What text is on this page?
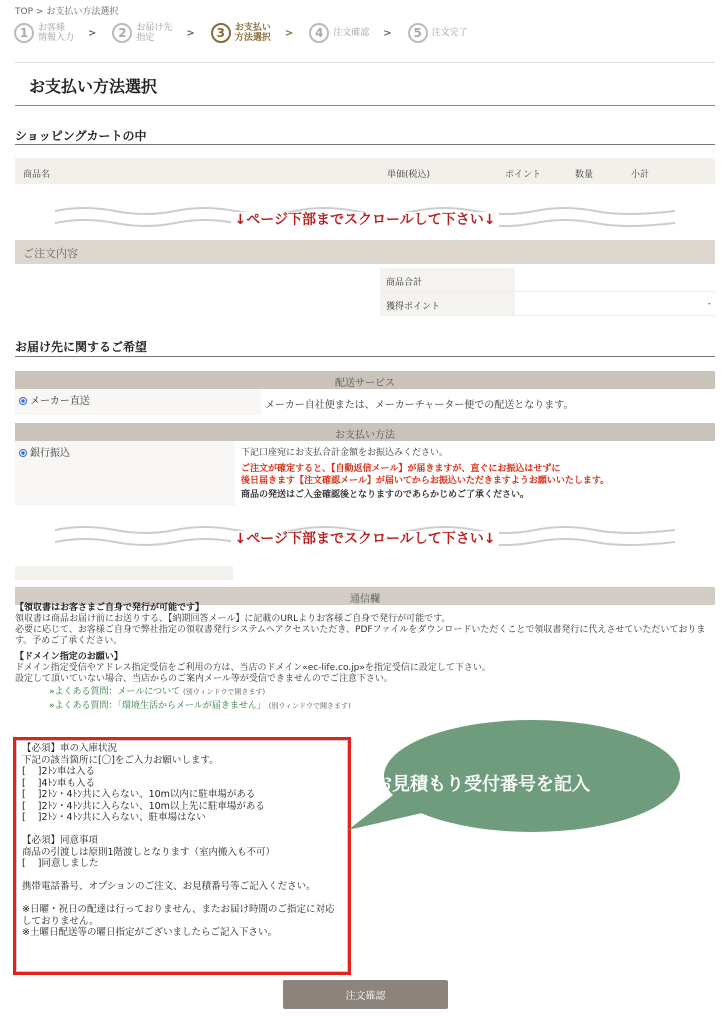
TOP > お支払い方法選択
1	お客様
情報入力 >	2	お届け先
指定	>	3	お支払い
方法選択 >	4	注文確認 >	5	注文完了
お支払い方法選択
ショッピングカートの中
商品名	単価(税込)	ポイント	数量	小計
↓ページ下部までスクロールして下さい↓
ご注文内容
商品合計
獲得ポイント	-
お届け先に関するご希望
配送サービス
メーカー直送	メーカー自社便または、メーカーチャーター便での配送となります。
お支払い方法
銀行振込	下記口座宛にお支払合計金額をお振込みください。
ご注文が確定すると、【自動返信メール】が届きますが、直ぐにお振込はせずに
後日届きます【注文確認メール】が届いてからお振込いただきますようお願いいたします。
商品の発送はご入金確認後となりますのであらかじめご了承ください。
↓ページ下部までスクロールして下さい↓
通信欄
【領収書はお客さまご自身で発行が可能です】
領収書は商品お届け前にお送りする、【納期回答メール】に記載のURLよりお客様ご自身で発行が可能です。
必要に応じて、お客様ご自身で弊社指定の領収書発行システムへアクセスいただき、PDFファイルをダウンロードいただくことで領収書発行に代えさせていただいております。予めご了承ください。
【ドメイン指定のお願い】
ドメイン指定受信やアドレス指定受信をご利用の方は、当店のドメイン«ec-life.co.jp»を指定受信に設定して下さい。
設定して頂いていない場合、当店からのご案内メール等が受信できませんのでご注意下さい。
»よくある質問：メールについて (別ウィンドウで開きます)
»よくある質問：「環境生活からメールが届きません」 (別ウィンドウで開きます)
【必須】車の入庫状況 下記の該当箇所に[〇]をご入力お願いします。 [ ]2ﾄﾝ車は入る [ ]4ﾄﾝ車も入る [ ]2ﾄﾝ・4ﾄﾝ共に入らない、10m以内に駐車場がある [ ]2ﾄﾝ・4ﾄﾝ共に入らない、10m以上先に駐車場がある [ ]2ﾄﾝ・4ﾄﾝ共に入らない、駐車場はない 【必須】同意事項 商品の引渡しは原則1階渡しとなります（室内搬入も不可） [ ]同意しました 携帯電話番号、オプションのご注文、お見積番号等ご記入ください。 ※日曜・祝日の配達は行っておりません、またお届け時間のご指定に対応しておりません。 ※土曜日配送等の曜日指定がございましたらご記入下さい。
お見積もり受付番号を記入
注文確認
